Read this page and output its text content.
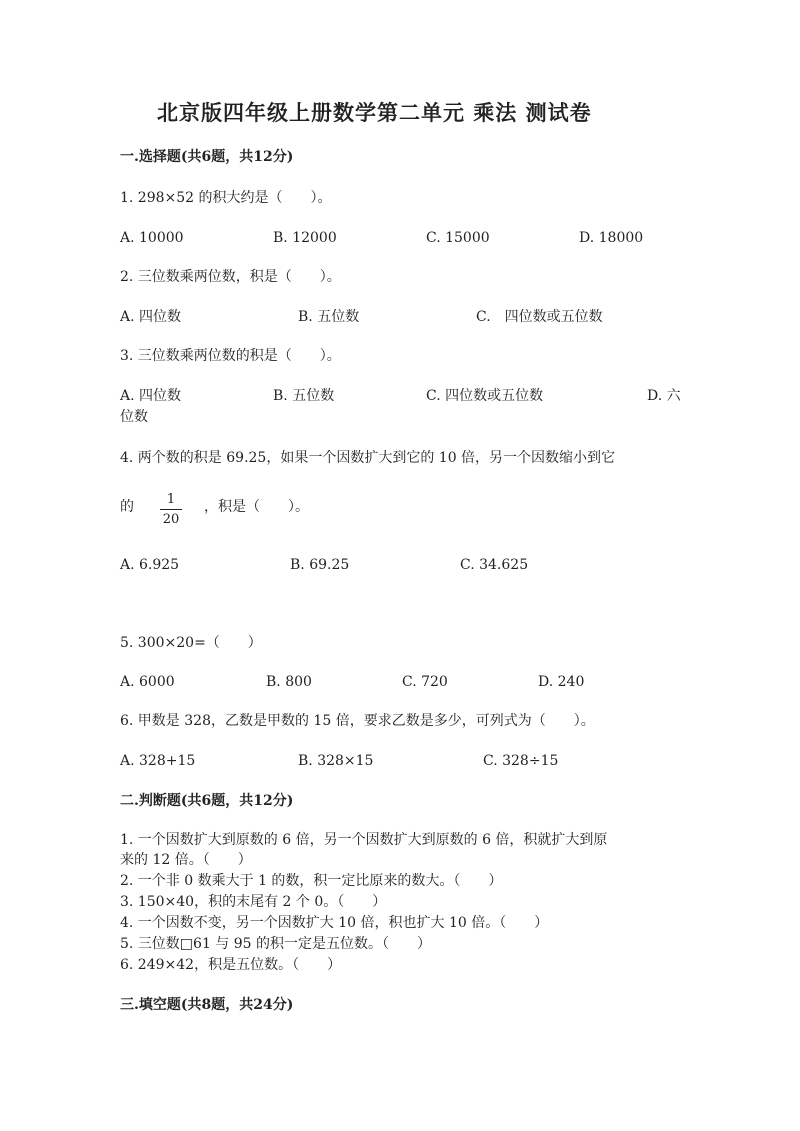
北京版四年级上册数学第二单元 乘法 测试卷
一.选择题(共6题，共12分)
1. 298×52 的积大约是（　　）。
A. 10000	B. 12000	C. 15000	D. 18000
2. 三位数乘两位数，积是（　　）。
A. 四位数	B. 五位数	C.　四位数或五位数
3. 三位数乘两位数的积是（　　）。
A. 四位数	B. 五位数	C. 四位数或五位数	D. 六
位数
4. 两个数的积是 69.25，如果一个因数扩大到它的 10 倍，另一个因数缩小到它
的	1
20
，积是（　　）。
A. 6.925	B. 69.25	C. 34.625
5. 300×20=（　　）
A. 6000	B. 800	C. 720	D. 240
6. 甲数是 328，乙数是甲数的 15 倍，要求乙数是多少，可列式为（　　）。
A. 328+15	B. 328×15	C. 328÷15
二.判断题(共6题，共12分)
1. 一个因数扩大到原数的 6 倍，另一个因数扩大到原数的 6 倍，积就扩大到原
来的 12 倍。（　　）
2. 一个非 0 数乘大于 1 的数，积一定比原来的数大。（　　）
3. 150×40，积的末尾有 2 个 0。（　　）
4. 一个因数不变，另一个因数扩大 10 倍，积也扩大 10 倍。（　　）
5. 三位数□61 与 95 的积一定是五位数。（　　）
6. 249×42，积是五位数。（　　）
三.填空题(共8题，共24分)
